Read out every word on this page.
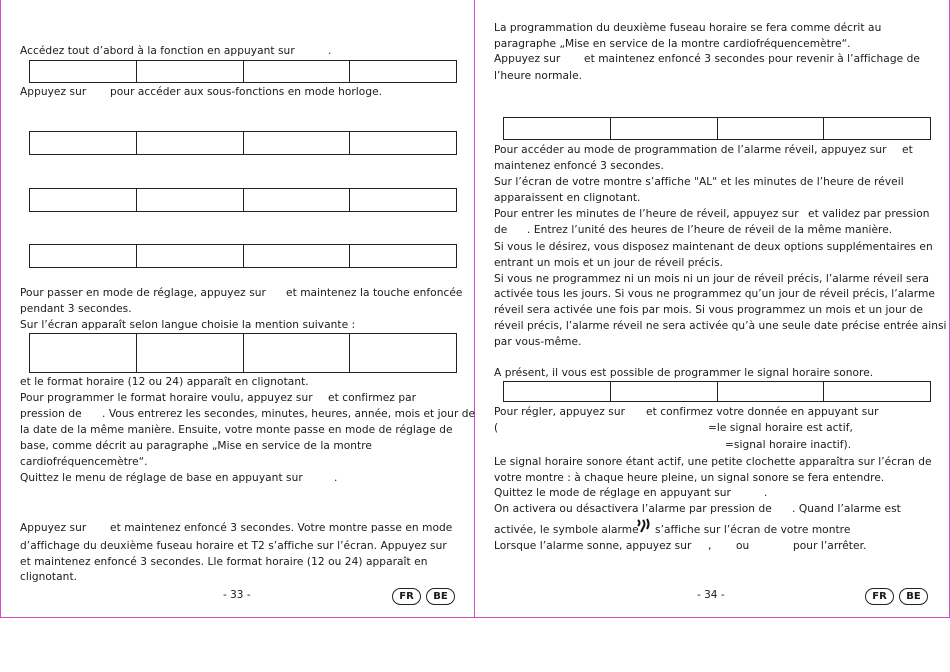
Accédez tout d’abord à la fonction en appuyant sur	.
Appuyez sur pour accéder aux sous-fonctions en mode horloge.
Pour passer en mode de réglage, appuyez sur et maintenez la touche enfoncée
pendant 3 secondes.
Sur l’écran apparaît selon langue choisie la mention suivante :
et le format horaire (12 ou 24) apparaît en clignotant.
Pour programmer le format horaire voulu, appuyez sur et confirmez par
pression de . Vous entrerez les secondes, minutes, heures, année, mois et jour de
la date de la même manière. Ensuite, votre monte passe en mode de réglage de
base, comme décrit au paragraphe „Mise en service de la montre
cardiofréquencemètre“.
Quittez le menu de réglage de base en appuyant sur	.
Appuyez sur et maintenez enfoncé 3 secondes. Votre montre passe en mode
d’affichage du deuxième fuseau horaire et T2 s’affiche sur l’écran. Appuyez sur
et maintenez enfoncé 3 secondes. Lle format horaire (12 ou 24) apparaît en
clignotant.
- 33 -	FR	BE
La programmation du deuxième fuseau horaire se fera comme décrit au
paragraphe „Mise en service de la montre cardiofréquencemètre“.
Appuyez sur et maintenez enfoncé 3 secondes pour revenir à l’affichage de
l’heure normale.
Pour accéder au mode de programmation de l’alarme réveil, appuyez sur et
maintenez enfoncé 3 secondes.
Sur l’écran de votre montre s’affiche "AL" et les minutes de l’heure de réveil
apparaissent en clignotant.
Pour entrer les minutes de l’heure de réveil, appuyez sur et validez par pression
de . Entrez l’unité des heures de l’heure de réveil de la même manière.
Si vous le désirez, vous disposez maintenant de deux options supplémentaires en
entrant un mois et un jour de réveil précis.
Si vous ne programmez ni un mois ni un jour de réveil précis, l’alarme réveil sera
activée tous les jours. Si vous ne programmez qu’un jour de réveil précis, l’alarme
réveil sera activée une fois par mois. Si vous programmez un mois et un jour de
réveil précis, l’alarme réveil ne sera activée qu’à une seule date précise entrée ainsi
par vous-même.
A présent, il vous est possible de programmer le signal horaire sonore.
Pour régler, appuyez sur et confirmez votre donnée en appuyant sur
(	=le signal horaire est actif,
=signal horaire inactif).
Le signal horaire sonore étant actif, une petite clochette apparaîtra sur l’écran de
votre montre : à chaque heure pleine, un signal sonore se fera entendre.
Quittez le mode de réglage en appuyant sur	.
On activera ou désactivera l’alarme par pression de . Quand l’alarme est
activée, le symbole alarme s’affiche sur l’écran de votre montre
Lorsque l’alarme sonne, appuyez sur , ou	pour l’arrêter.
- 34 -	FR	BE
